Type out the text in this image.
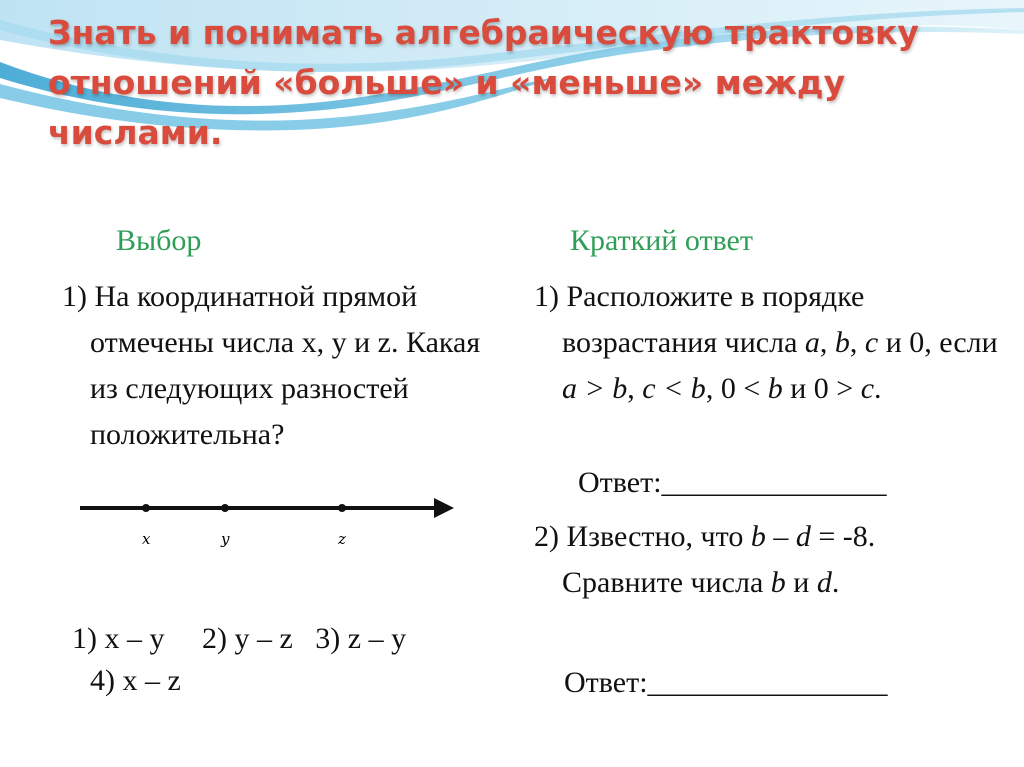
Знать и понимать алгебраическую трактовку отношений «больше» и «меньше» между числами.
Выбор
1) На координатной прямой отмечены числа x, y и z. Какая из следующих разностей положительна?
x	y	z
1) x – y     2) y – z   3) z – y
4) x – z
Краткий ответ
1) Расположите в порядке возрастания числа a, b, c и 0, если a > b, c < b, 0 < b и 0 > c.
Ответ:_______________
2) Известно, что b – d = -8. Сравните числа b и d.
Ответ:________________
